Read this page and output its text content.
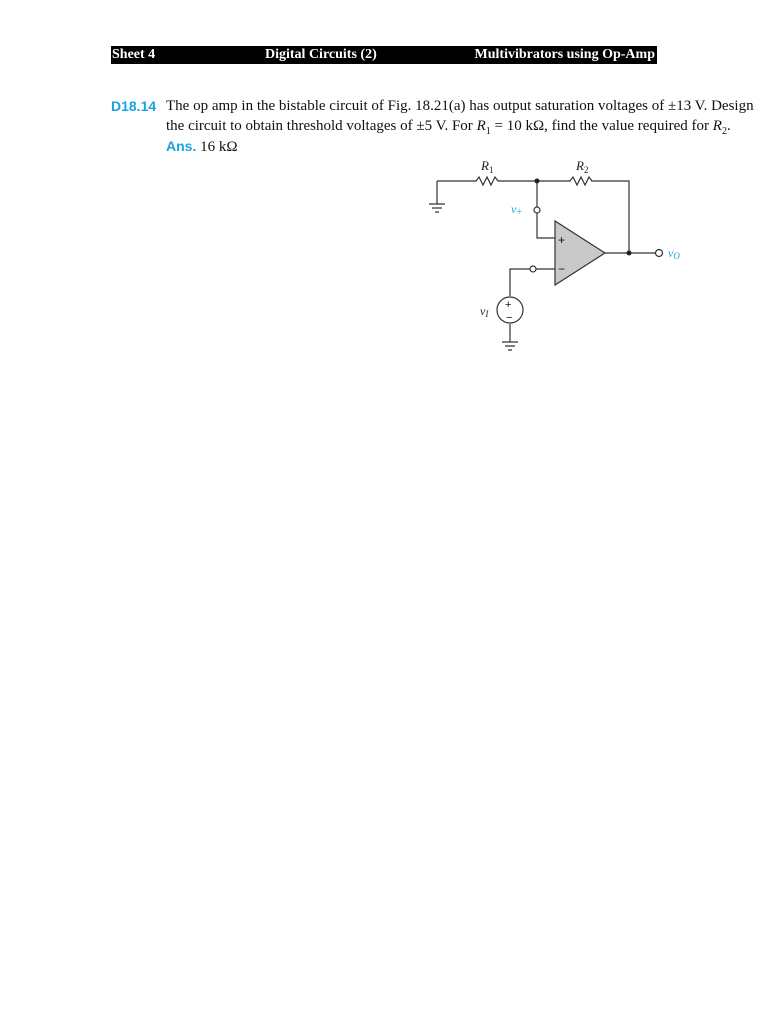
Sheet 4	Digital Circuits (2)	Multivibrators using Op-Amp
D18.14 The op amp in the bistable circuit of Fig. 18.21(a) has output saturation voltages of ±13 V. Design
the circuit to obtain threshold voltages of ±5 V. For $R_1 = 10$ kΩ, find the value required for $R_2$.
Ans. 16 kΩ
$R_1$	$R_2$
v+
vO
vI
+
−
+
−
